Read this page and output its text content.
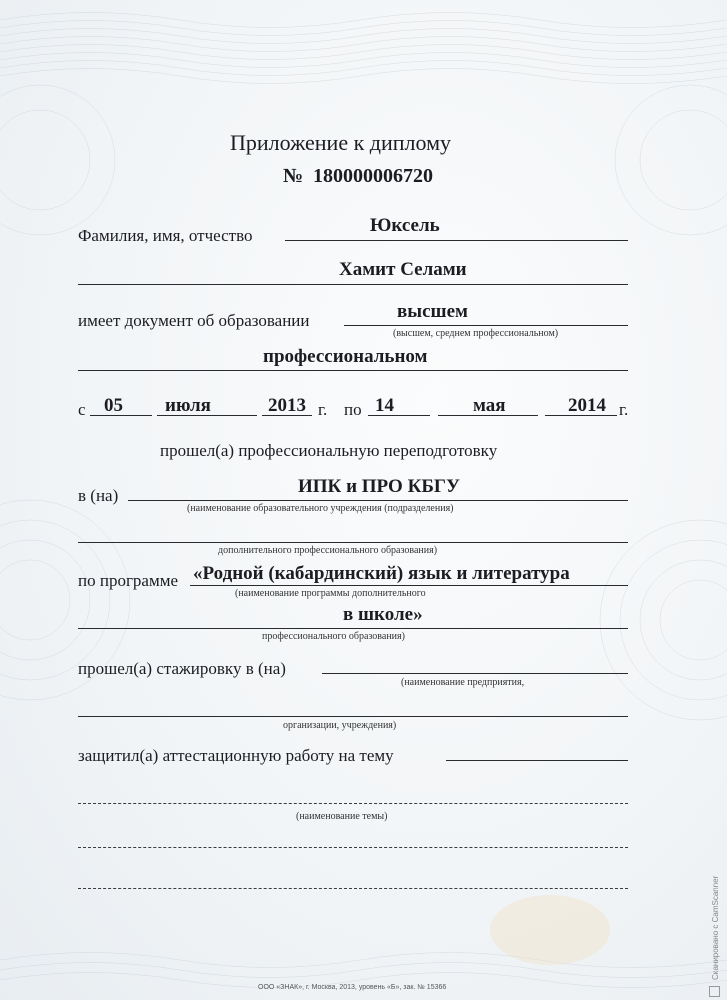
Приложение к диплому
№ 180000006720
Фамилия, имя, отчество	Юксель
Хамит Селами
имеет документ об образовании	высшем
(высшем, среднем профессиональном)
профессиональном
с 05 июля	2013 г. по 14	мая	2014 г.
прошел(а) профессиональную переподготовку
в (на)	ИПК и ПРО КБГУ
(наименование образовательного учреждения (подразделения)
дополнительного профессионального образования)
по программе «Родной (кабардинский) язык и литература
(наименование программы дополнительного
в школе»
профессионального образования)
прошел(а) стажировку в (на)
(наименование предприятия,
организации, учреждения)
защитил(а) аттестационную работу на тему
(наименование темы)
ООО «ЗНАК», г. Москва, 2013, уровень «Б», зак. № 15366
Сканировано с CamScanner
